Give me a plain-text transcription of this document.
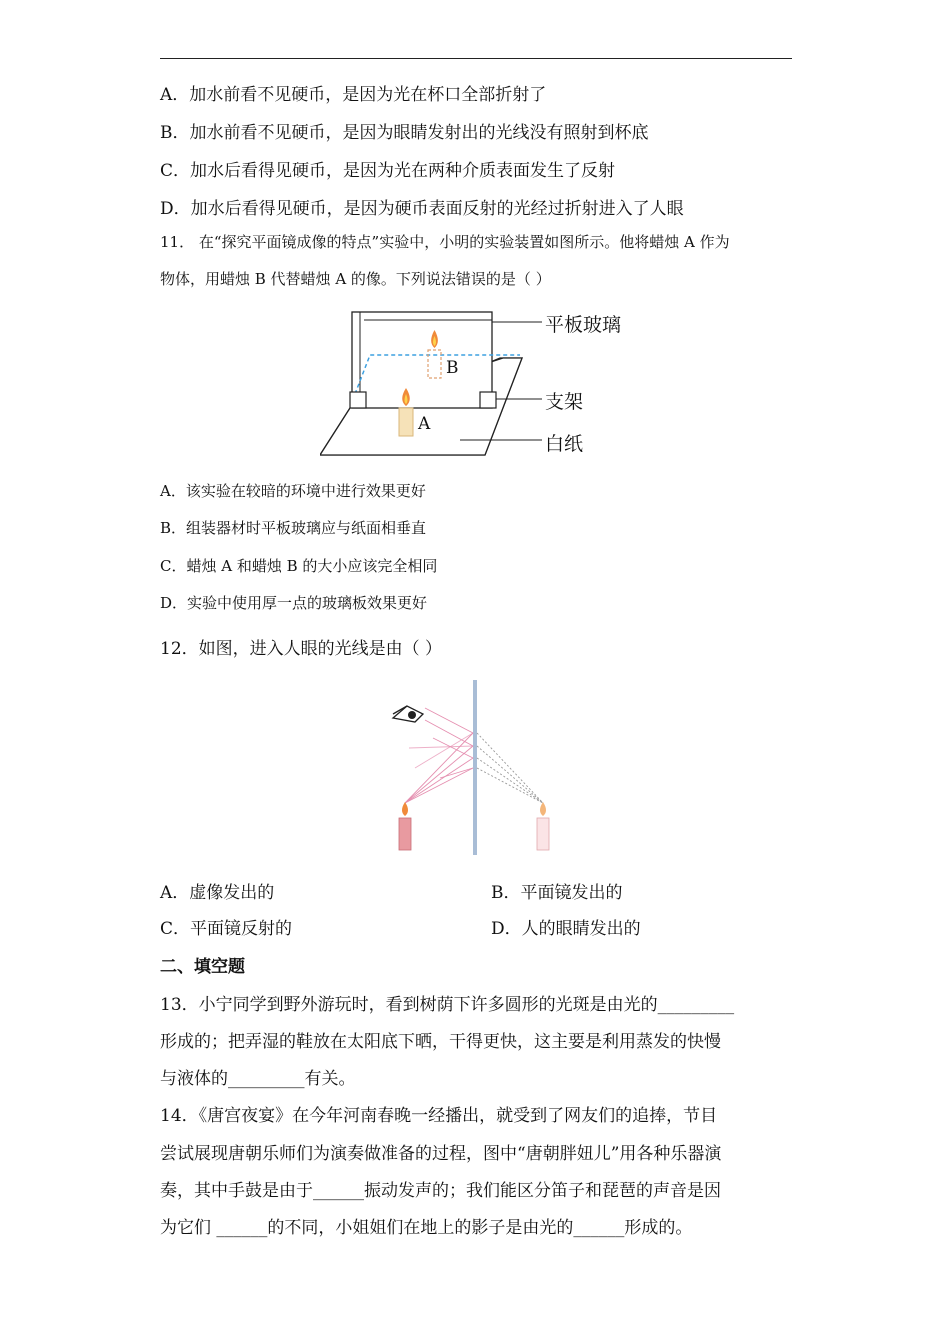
A．加水前看不见硬币，是因为光在杯口全部折射了
B．加水前看不见硬币，是因为眼睛发射出的光线没有照射到杯底
C．加水后看得见硬币，是因为光在两种介质表面发生了反射
D．加水后看得见硬币，是因为硬币表面反射的光经过折射进入了人眼
11． 在“探究平面镜成像的特点”实验中，小明的实验装置如图所示。他将蜡烛 A 作为
物体，用蜡烛 B 代替蜡烛 A 的像。下列说法错误的是（ ）
平板玻璃
支架
白纸
B
A
A．该实验在较暗的环境中进行效果更好
B．组装器材时平板玻璃应与纸面相垂直
C．蜡烛 A 和蜡烛 B 的大小应该完全相同
D．实验中使用厚一点的玻璃板效果更好
12．如图，进入人眼的光线是由（ ）
A．虚像发出的	B．平面镜发出的
C．平面镜反射的	D．人的眼睛发出的
二、填空题
13．小宁同学到野外游玩时，看到树荫下许多圆形的光斑是由光的_________
形成的；把弄湿的鞋放在太阳底下晒，干得更快，这主要是利用蒸发的快慢
与液体的_________有关。
14．《唐宫夜宴》在今年河南春晚一经播出，就受到了网友们的追捧，节目
尝试展现唐朝乐师们为演奏做准备的过程，图中“唐朝胖妞儿”用各种乐器演
奏，其中手鼓是由于______振动发声的；我们能区分笛子和琵琶的声音是因
为它们 ______的不同，小姐姐们在地上的影子是由光的______形成的。
